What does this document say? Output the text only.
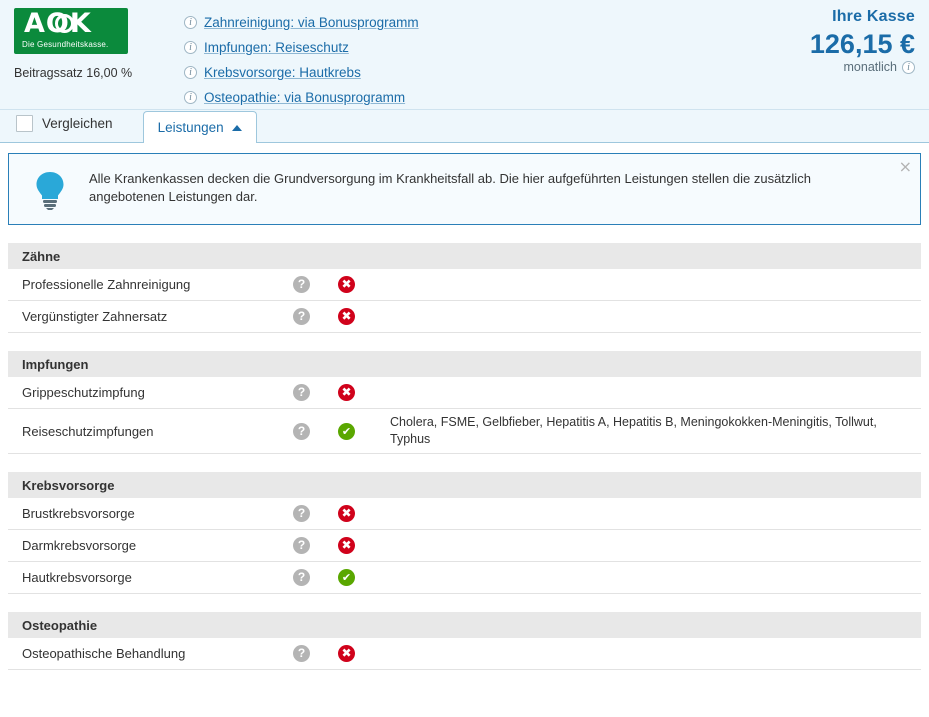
AOK
Die Gesundheitskasse.
Beitragssatz 16,00 %
i Zahnreinigung: via Bonusprogramm
i Impfungen: Reiseschutz
i Krebsvorsorge: Hautkrebs
i Osteopathie: via Bonusprogramm
Ihre Kasse
126,15 €
monatlich	i
Vergleichen	Leistungen
Alle Krankenkassen decken die Grundversorgung im Krankheitsfall ab. Die hier aufgeführten Leistungen stellen die zusätzlich angebotenen Leistungen dar.
×
Zähne
Professionelle Zahnreinigung	?	✖
Vergünstigter Zahnersatz	?	✖
Impfungen
Grippeschutzimpfung	?	✖
Reiseschutzimpfungen	?	✔
Cholera, FSME, Gelbfieber, Hepatitis A, Hepatitis B, Meningokokken-Meningitis, Tollwut, Typhus
Krebsvorsorge
Brustkrebsvorsorge	?	✖
Darmkrebsvorsorge	?	✖
Hautkrebsvorsorge	?	✔
Osteopathie
Osteopathische Behandlung	?	✖
